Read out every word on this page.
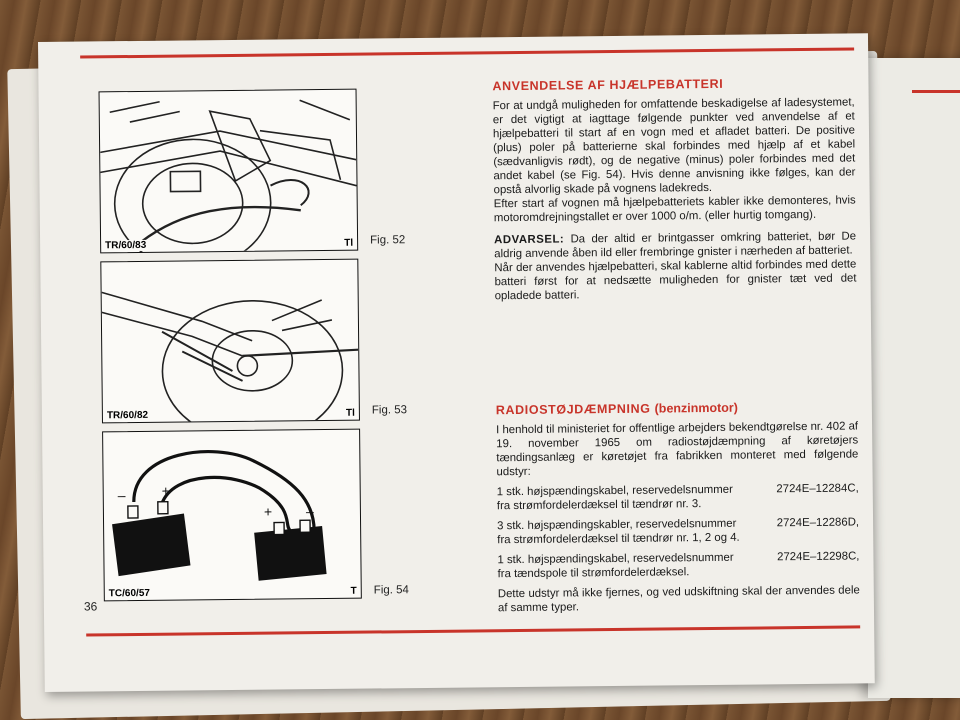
TR/60/83	Tl Fig. 52
TR/60/82	Tl Fig. 53
–	+
+ –
TC/60/57	T Fig. 54
36
ANVENDELSE AF HJÆLPEBATTERI

For at undgå muligheden for omfattende beskadigelse af ladesystemet, er det vigtigt at iagttage følgende punkter ved anvendelse af et hjælpebatteri til start af en vogn med et afladet batteri. De positive (plus) poler på batterierne skal forbindes med hjælp af et kabel (sædvanligvis rødt), og de negative (minus) poler forbindes med det andet kabel (se Fig. 54). Hvis denne anvisning ikke følges, kan der opstå alvorlig skade på vognens ladekreds.

Efter start af vognen må hjælpebatteriets kabler ikke demonteres, hvis motoromdrejningstallet er over 1000 o/m. (eller hurtig tomgang).

ADVARSEL: Da der altid er brintgasser omkring batteriet, bør De aldrig anvende åben ild eller frembringe gnister i nærheden af batteriet.

Når der anvendes hjælpebatteri, skal kablerne altid forbindes med dette batteri først for at nedsætte muligheden for gnister tæt ved det opladede batteri.

RADIOSTØJDÆMPNING (benzinmotor)

I henhold til ministeriet for offentlige arbejders bekendtgørelse nr. 402 af 19. november 1965 om radiostøjdæmpning af køretøjers tændingsanlæg er køretøjet fra fabrikken monteret med følgende udstyr:

1 stk. højspændingskabel, reservedelsnummer	2724E–12284C,
fra strømfordelerdæksel til tændrør nr. 3.
3 stk. højspændingskabler, reservedelsnummer	2724E–12286D,
fra strømfordelerdæksel til tændrør nr. 1, 2 og 4.
1 stk. højspændingskabel, reservedelsnummer	2724E–12298C,
fra tændspole til strømfordelerdæksel.

Dette udstyr må ikke fjernes, og ved udskiftning skal der anvendes dele af samme typer.
